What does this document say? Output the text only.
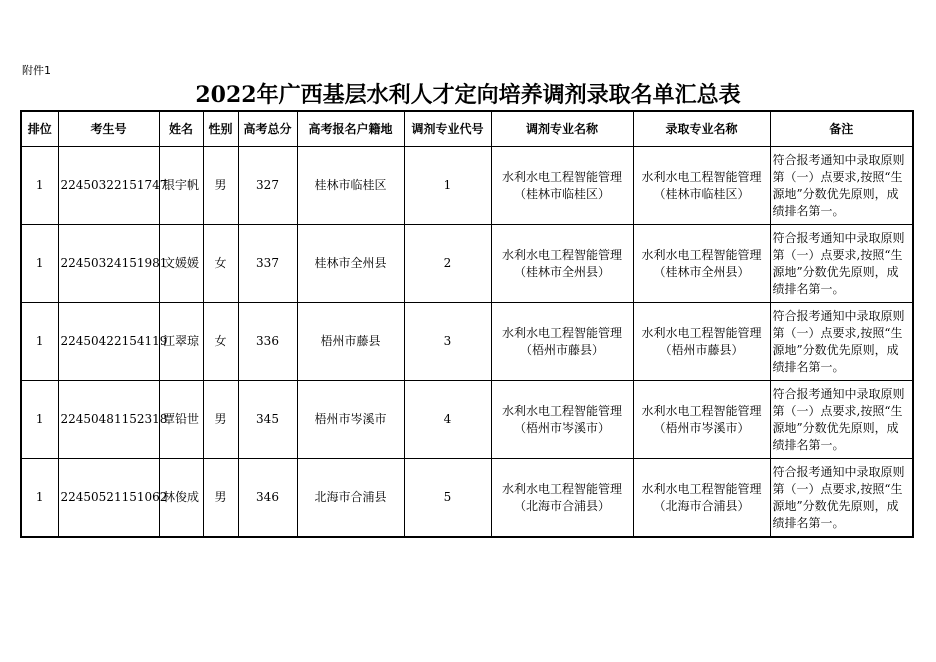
附件1
2022年广西基层水利人才定向培养调剂录取名单汇总表
排位	考生号	姓名	性别	高考总分	高考报名户籍地	调剂专业代号	调剂专业名称	录取专业名称	备注
1	22450322151747	银宇帆	男	327	桂林市临桂区	1	水利水电工程智能管理（桂林市临桂区）	水利水电工程智能管理（桂林市临桂区）	符合报考通知中录取原则第（一）点要求,按照“生源地”分数优先原则，成绩排名第一。
1	22450324151981	文媛媛	女	337	桂林市全州县	2	水利水电工程智能管理（桂林市全州县）	水利水电工程智能管理（桂林市全州县）	符合报考通知中录取原则第（一）点要求,按照“生源地”分数优先原则，成绩排名第一。
1	22450422154119	江翠琼	女	336	梧州市藤县	3	水利水电工程智能管理（梧州市藤县）	水利水电工程智能管理（梧州市藤县）	符合报考通知中录取原则第（一）点要求,按照“生源地”分数优先原则，成绩排名第一。
1	22450481152318	覃铅世	男	345	梧州市岑溪市	4	水利水电工程智能管理（梧州市岑溪市）	水利水电工程智能管理（梧州市岑溪市）	符合报考通知中录取原则第（一）点要求,按照“生源地”分数优先原则，成绩排名第一。
1	22450521151062	林俊成	男	346	北海市合浦县	5	水利水电工程智能管理（北海市合浦县）	水利水电工程智能管理（北海市合浦县）	符合报考通知中录取原则第（一）点要求,按照“生源地”分数优先原则，成绩排名第一。
